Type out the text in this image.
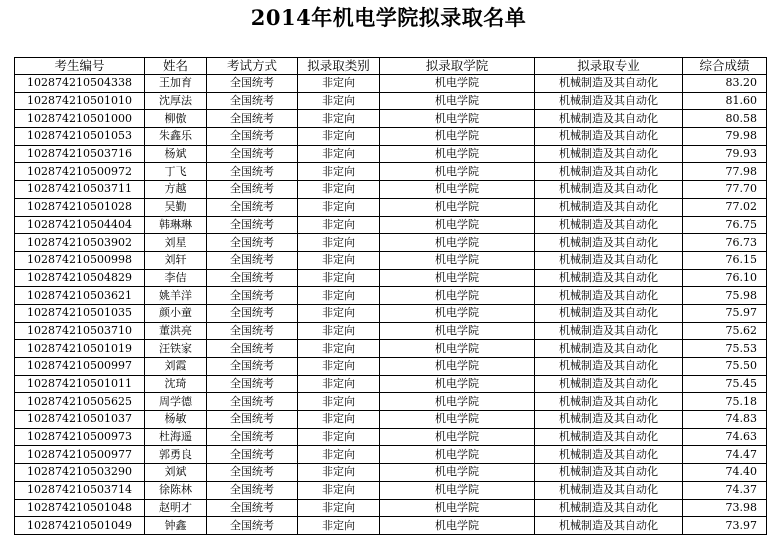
2014年机电学院拟录取名单
考生编号	姓名	考试方式	拟录取类别	拟录取学院	拟录取专业	综合成绩
102874210504338	王加育	全国统考	非定向	机电学院	机械制造及其自动化	83.20
102874210501010	沈厚法	全国统考	非定向	机电学院	机械制造及其自动化	81.60
102874210501000	柳傲	全国统考	非定向	机电学院	机械制造及其自动化	80.58
102874210501053	朱鑫乐	全国统考	非定向	机电学院	机械制造及其自动化	79.98
102874210503716	杨斌	全国统考	非定向	机电学院	机械制造及其自动化	79.93
102874210500972	丁飞	全国统考	非定向	机电学院	机械制造及其自动化	77.98
102874210503711	方越	全国统考	非定向	机电学院	机械制造及其自动化	77.70
102874210501028	吴勤	全国统考	非定向	机电学院	机械制造及其自动化	77.02
102874210504404	韩琳琳	全国统考	非定向	机电学院	机械制造及其自动化	76.75
102874210503902	刘星	全国统考	非定向	机电学院	机械制造及其自动化	76.73
102874210500998	刘轩	全国统考	非定向	机电学院	机械制造及其自动化	76.15
102874210504829	李佶	全国统考	非定向	机电学院	机械制造及其自动化	76.10
102874210503621	姚羊洋	全国统考	非定向	机电学院	机械制造及其自动化	75.98
102874210501035	颜小童	全国统考	非定向	机电学院	机械制造及其自动化	75.97
102874210503710	董洪亮	全国统考	非定向	机电学院	机械制造及其自动化	75.62
102874210501019	汪铁家	全国统考	非定向	机电学院	机械制造及其自动化	75.53
102874210500997	刘霞	全国统考	非定向	机电学院	机械制造及其自动化	75.50
102874210501011	沈琦	全国统考	非定向	机电学院	机械制造及其自动化	75.45
102874210505625	周学德	全国统考	非定向	机电学院	机械制造及其自动化	75.18
102874210501037	杨敏	全国统考	非定向	机电学院	机械制造及其自动化	74.83
102874210500973	杜海遥	全国统考	非定向	机电学院	机械制造及其自动化	74.63
102874210500977	郭勇良	全国统考	非定向	机电学院	机械制造及其自动化	74.47
102874210503290	刘斌	全国统考	非定向	机电学院	机械制造及其自动化	74.40
102874210503714	徐陈林	全国统考	非定向	机电学院	机械制造及其自动化	74.37
102874210501048	赵明才	全国统考	非定向	机电学院	机械制造及其自动化	73.98
102874210501049	钟鑫	全国统考	非定向	机电学院	机械制造及其自动化	73.97
